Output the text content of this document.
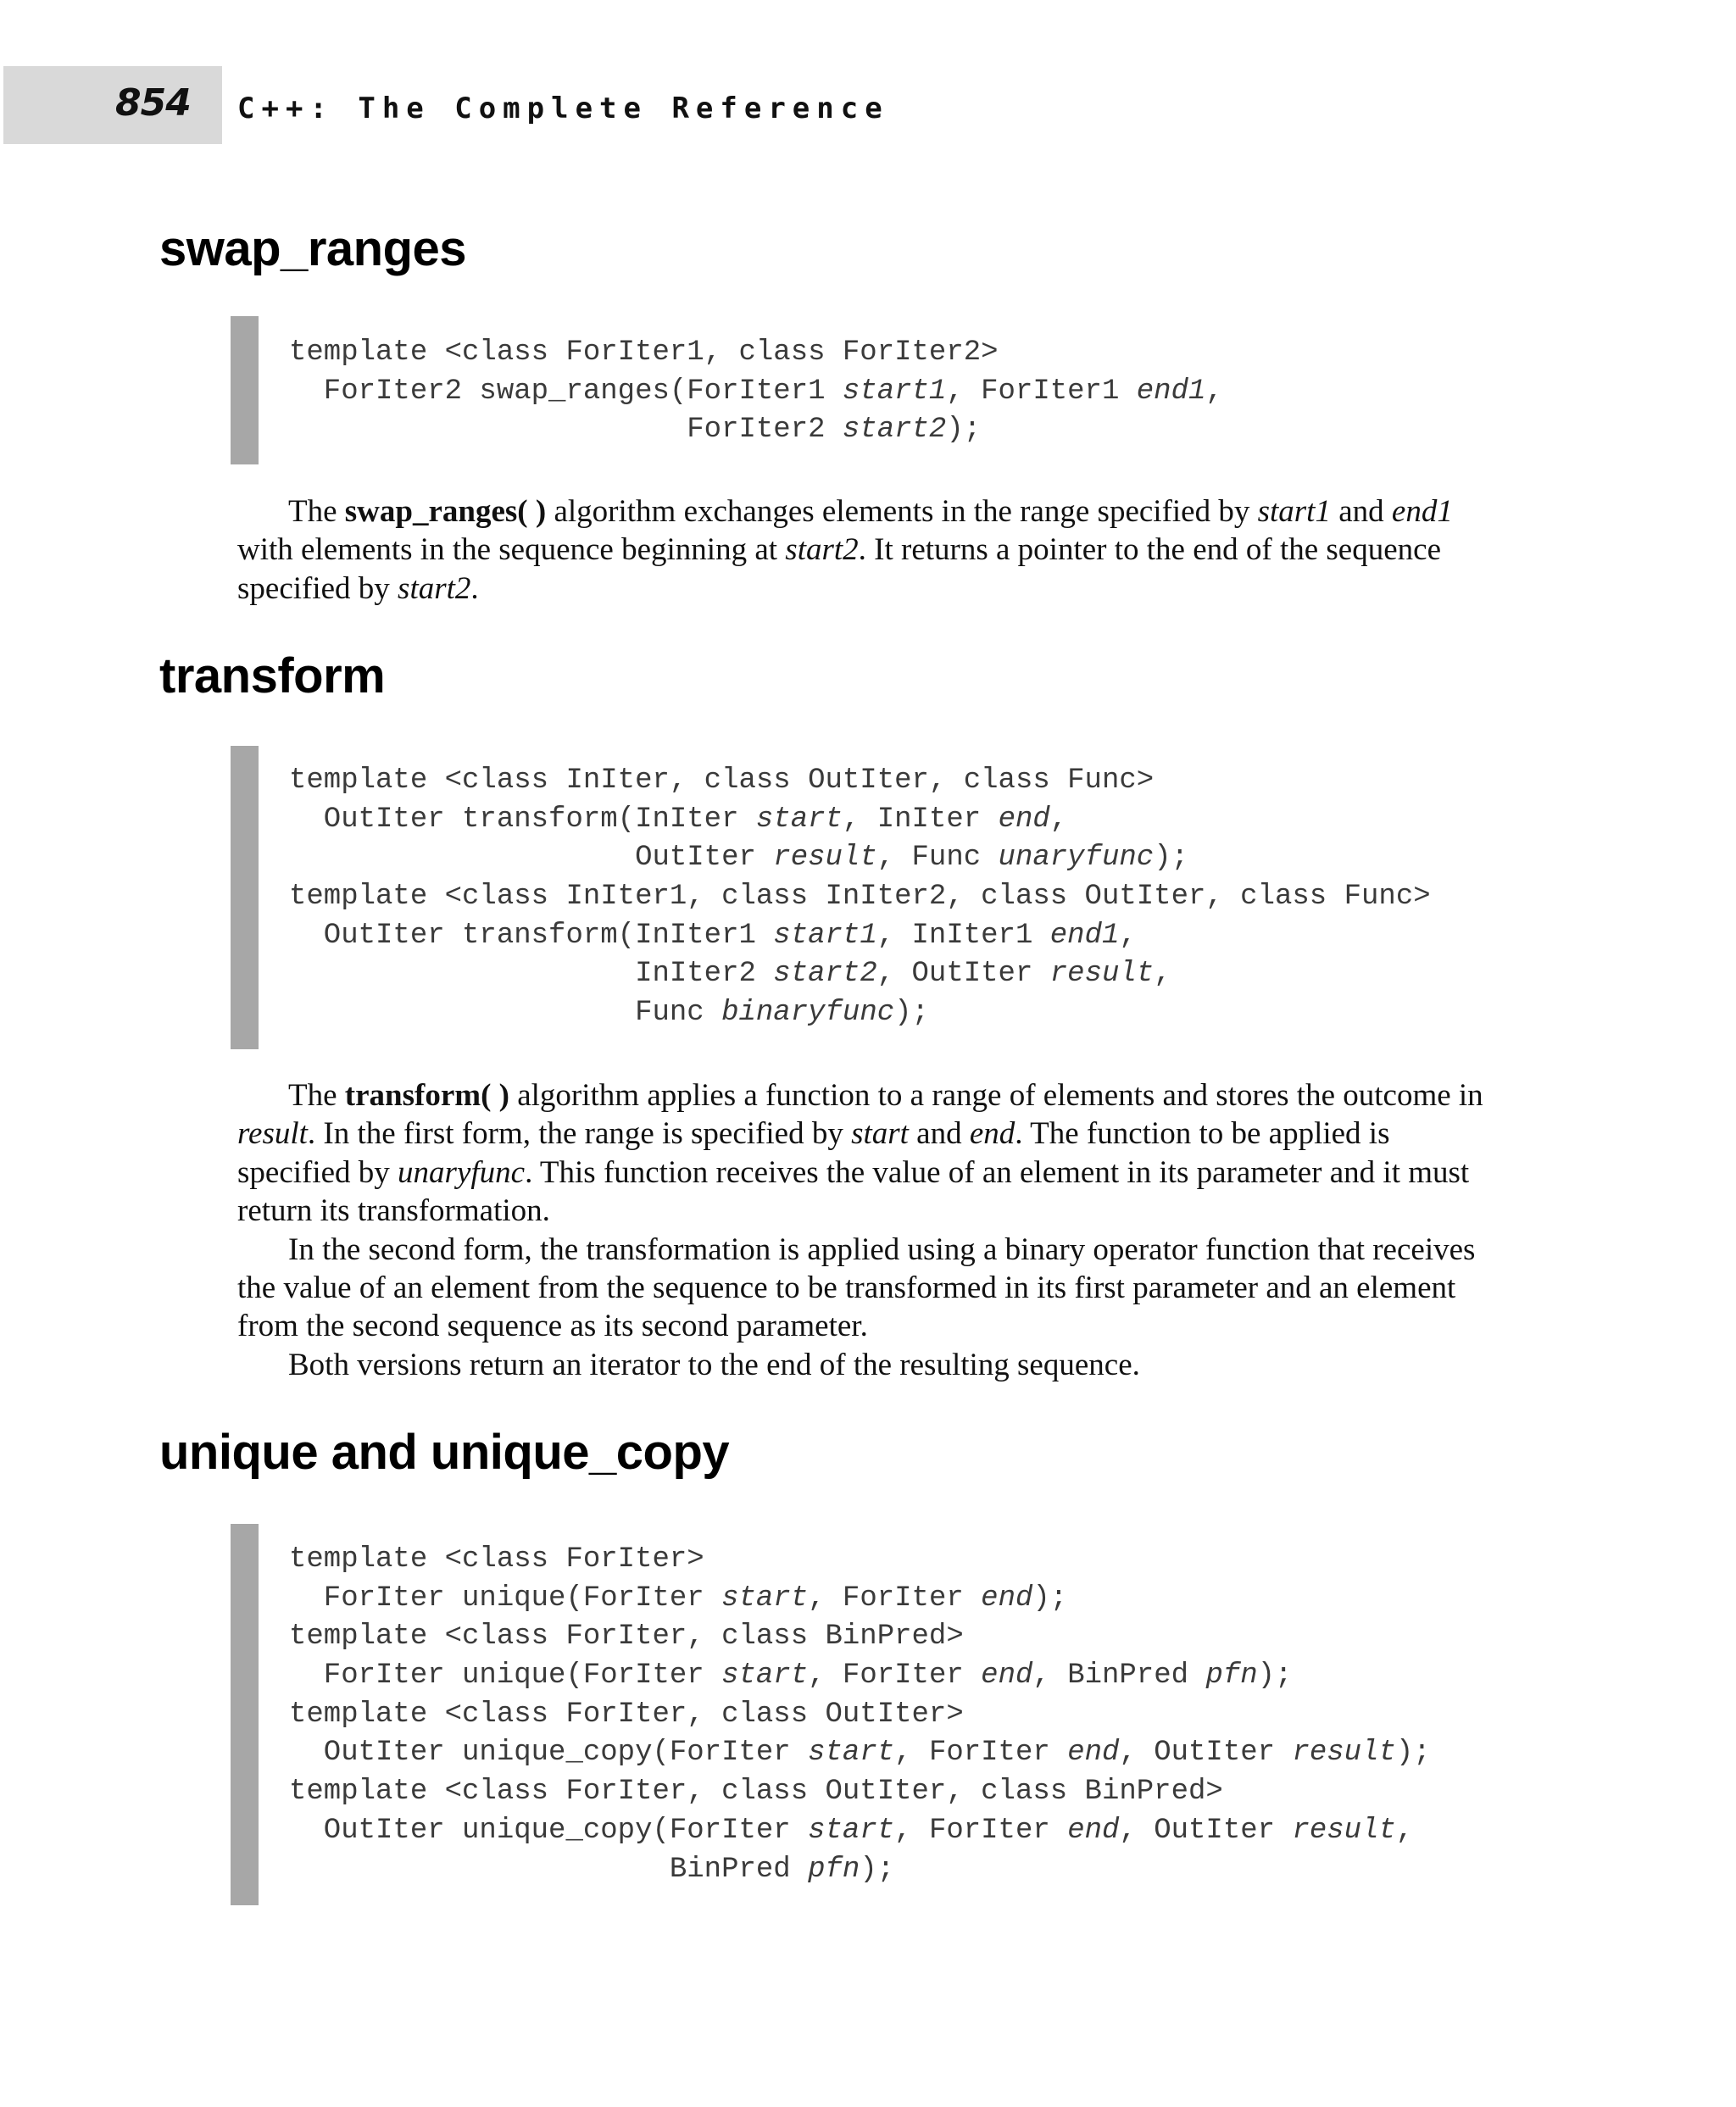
854 C++: The Complete Reference
swap_ranges
template <class ForIter1, class ForIter2>
ForIter2 swap_ranges(ForIter1 start1, ForIter1 end1,
ForIter2 start2);

The swap_ranges( ) algorithm exchanges elements in the range specified by start1 and end1 with elements in the sequence beginning at start2. It returns a pointer to the end of the sequence specified by start2.

transform
template <class InIter, class OutIter, class Func>
OutIter transform(InIter start, InIter end,
OutIter result, Func unaryfunc);
template <class InIter1, class InIter2, class OutIter, class Func>
OutIter transform(InIter1 start1, InIter1 end1,
InIter2 start2, OutIter result,
Func binaryfunc);

The transform( ) algorithm applies a function to a range of elements and stores the outcome in result. In the first form, the range is specified by start and end. The function to be applied is specified by unaryfunc. This function receives the value of an element in its parameter and it must return its transformation.

In the second form, the transformation is applied using a binary operator function that receives the value of an element from the sequence to be transformed in its first parameter and an element from the second sequence as its second parameter.

Both versions return an iterator to the end of the resulting sequence.

unique and unique_copy
template <class ForIter>
ForIter unique(ForIter start, ForIter end);
template <class ForIter, class BinPred>
ForIter unique(ForIter start, ForIter end, BinPred pfn);
template <class ForIter, class OutIter>
OutIter unique_copy(ForIter start, ForIter end, OutIter result);
template <class ForIter, class OutIter, class BinPred>
OutIter unique_copy(ForIter start, ForIter end, OutIter result,
BinPred pfn);
